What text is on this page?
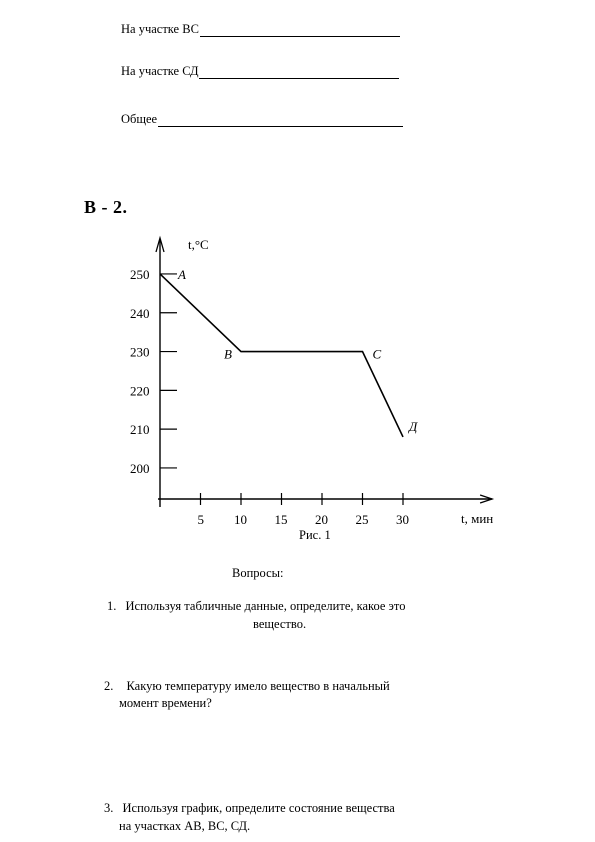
На участке ВС
На участке СД
Общее
В - 2.
t,°C
t, мин
250
240
230
220
210
200
5 10 15 20 25 30
А
В	С
Д
Рис. 1
Вопросы:
1. Используя табличные данные, определите, какое это
вещество.
2. Какую температуру имело вещество в начальный
момент времени?
3. Используя график, определите состояние вещества
на участках АВ, ВС, СД.
